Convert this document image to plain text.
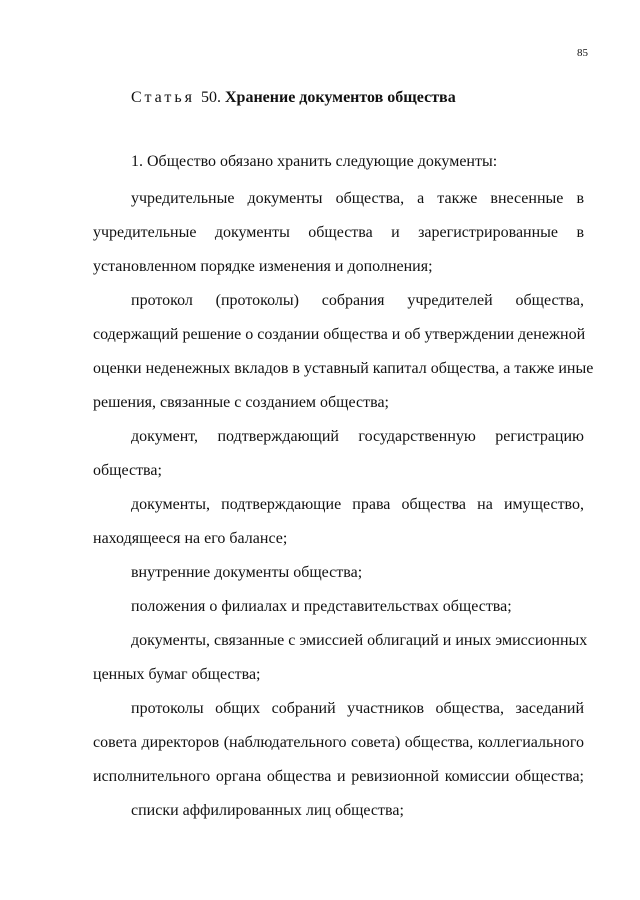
85
Статья 50. Хранение документов общества
1. Общество обязано хранить следующие документы:
учредительные документы общества, а также внесенные в
учредительные документы общества и зарегистрированные в
установленном порядке изменения и дополнения;
протокол (протоколы) собрания учредителей общества,
содержащий решение о создании общества и об утверждении денежной
оценки неденежных вкладов в уставный капитал общества, а также иные
решения, связанные с созданием общества;
документ, подтверждающий государственную регистрацию
общества;
документы, подтверждающие права общества на имущество,
находящееся на его балансе;
внутренние документы общества;
положения о филиалах и представительствах общества;
документы, связанные с эмиссией облигаций и иных эмиссионных
ценных бумаг общества;
протоколы общих собраний участников общества, заседаний
совета директоров (наблюдательного совета) общества, коллегиального
исполнительного органа общества и ревизионной комиссии общества;
списки аффилированных лиц общества;
